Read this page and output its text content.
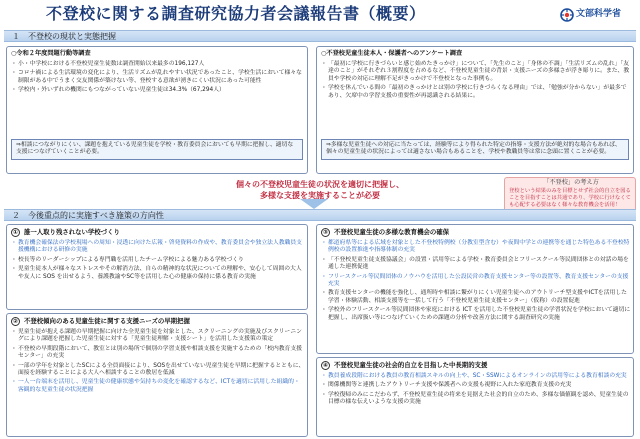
不登校に関する調査研究協力者会議報告書（概要）	文部科学省
１　不登校の現状と実態把握
○令和２年度問題行動等調査
・ 小・中学校における不登校児童生徒数は調査開始以来最多の196,127人
・ コロナ禍による生活環境の変化により、生活リズムが乱れやすい状況であったこと、学校生活において様々な制限がある中でうまく交友関係が築けない等、登校する意欲が湧きにくい状況にあった可能性
・ 学校内・外いずれの機関にもつながっていない児童生徒は34.3%（67,294人）
⇒相談につながりにくい、課題を抱えている児童生徒を学校・教育委員会においても早期に把握し、適切な支援につなげていくことが必要。
○不登校児童生徒本人・保護者へのアンケート調査
・ 「最初に学校に行きづらいと感じ始めたきっかけ」について、「先生のこと」「身体の不調」「生活リズムの乱れ」「友達のこと」がそれぞれ３割程度を占めるなど、不登校児童生徒の背景・支援ニーズの多様さが浮き彫りに。また、教員や学校の対応に理解不足がきっかけで不登校となった事例も。
・ 学校を休んでいる間の「最初のきっかけとは別の学校に行きづらくなる理由」では、「勉強が分からない」が最多であり、欠席中の学習支援の重要性が再認識される結果に。
⇒多様な児童生徒への対応に当たっては、経験等により得られた特定の指導・支援方法が絶対的な場合もあれば、個々の児童生徒の状況によっては適さない場合もあることを、学校や教職員等は常に念頭に置くことが必要。
個々の不登校児童生徒の状況を適切に把握し、
多様な支援を実施することが必要
「不登校」の考え方
登校という結果のみを目標とせず社会的自立を図ることを目指すことは共通であり、学校に行けなくても心配する必要はなく様々な教育機会を活用！
２　今後重点的に実施すべき施策の方向性
① 誰一人取り残されない学校づくり
・ 教育機会確保法の学校現場への周知・浸透に向けた広報・啓発資料の作成や、教育委員会や独立法人教職員支援機構における研修の実施
・ 校長等のリーダーシップによる専門職を活用したチーム学校による魅力ある学校づくり
・ 児童生徒本人が様々なストレスやその解消方法、自らの精神的な状況についての理解や、安心して周囲の大人や友人に SOS を出せるよう、養護教諭やSC等を活用した心の健康の保持に係る教育の実施
② 不登校傾向のある児童生徒に関する支援ニーズの早期把握
・ 児童生徒が抱える課題の早期把握に向けた全児童生徒を対象とした、スクリーニングの実施及びスクリーニングにより課題を把握した児童生徒に対する「児童生徒理解・支援シート」を活用した支援策の策定
・ 不登校の早期段階において、教室とは別の場所で個別の学習支援や相談支援を実施するための「校内教育支援センター」の充実
・ 一部の学年を対象としたSCによる全員面接により、SOSを出せていない児童生徒を早期に把握するとともに、面接を経験することによる大人へ相談することの敷居を低減
・ 一人一台端末を活用し、児童生徒の健康状態や気持ちの変化を確認するなど、ICTを適切に活用した組織的・客観的な児童生徒の状況把握
③ 不登校児童生徒の多様な教育機会の確保
・ 都道府県等による広域を対象とした不登校特例校（分教室型含む）や夜間中学との連携等を通じた特色ある不登校特例校の設置推進や指導体制の充実
・ 「不登校児童生徒支援協議会」の設置・活用等による学校・教育委員会とフリースクール等民間団体との対話の場を通した連携促進
・ フリースクール等民間団体のノウハウを活用した公設民営の教育支援センター等の設置等、教育支援センターの支援充実
・ 教育支援センターの機能を強化し、通所時や相談に繋がりにくい児童生徒へのアウトリーチ型支援やICTを活用した学習・体験活動、相談支援等を一括して行う「不登校児童生徒支援センター」（仮称）の設置促進
・ 学校外のフリースクール等民間団体や家庭における ICT を活用した不登校児童生徒の学習状況を学校において適切に把握し、出席扱い等につなげていくための課題の分析や改善方法に関する調査研究の実施
④ 不登校児童生徒の社会的自立を目指した中長期的支援
・ 教員養成段階における教員の教育相談スキルの向上や、SC・SSWによるオンラインの活用等による教育相談の充実
・ 関係機関等と連携したアウトリーチ支援や保護者への支援も視野に入れた家庭教育支援の充実
・ 学校復帰のみにこだわらず、不登校児童生徒の将来を見据えた社会的自立のため、多様な価値観を認め、児童生徒の目標の様な伝えいような支援の実施
